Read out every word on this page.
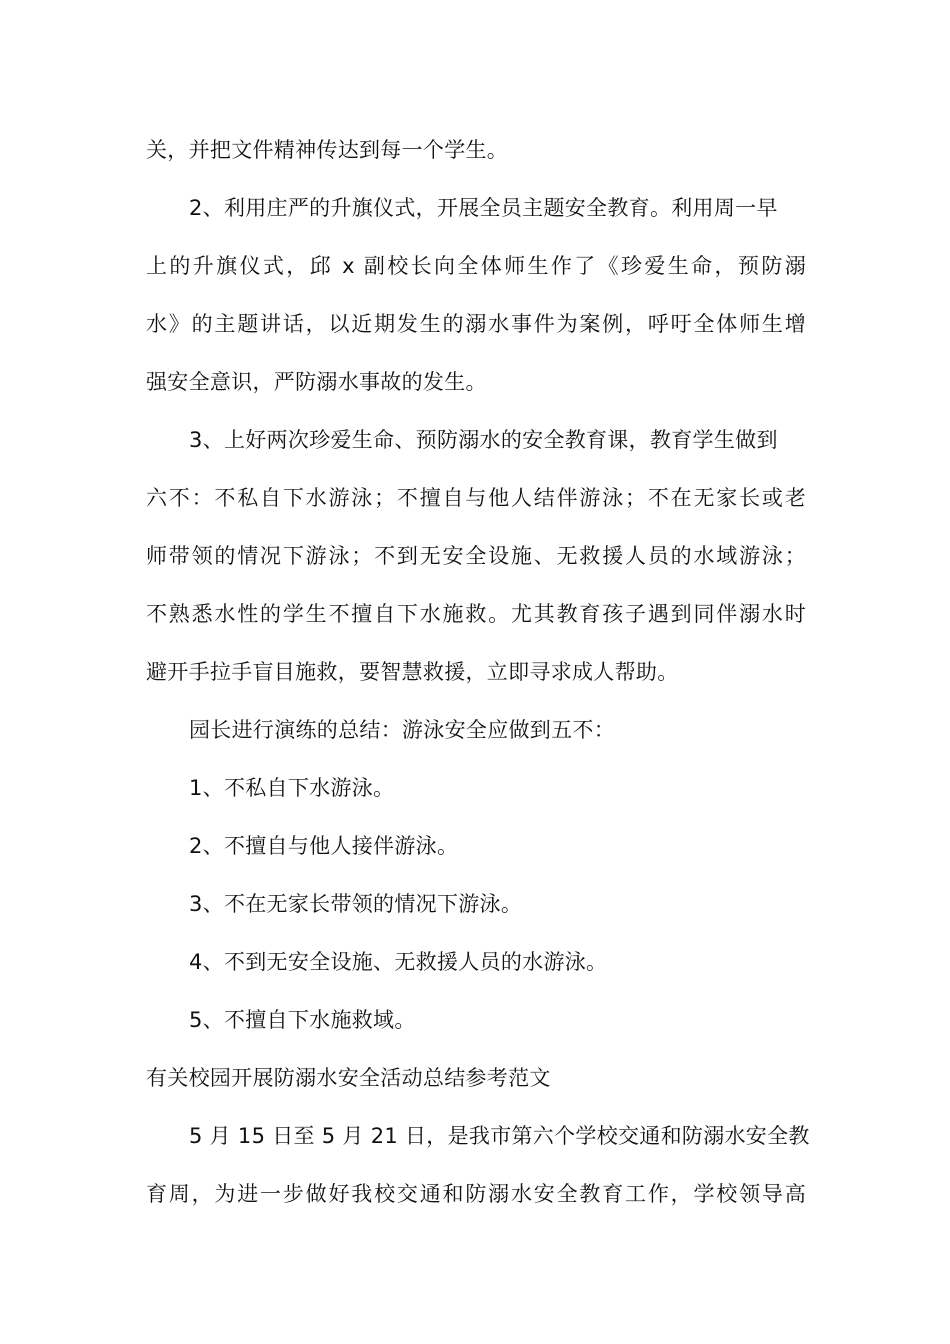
关，并把文件精神传达到每一个学生。
2、利用庄严的升旗仪式，开展全员主题安全教育。利用周一早
上的升旗仪式，邱 x 副校长向全体师生作了《珍爱生命，预防溺
水》的主题讲话，以近期发生的溺水事件为案例，呼吁全体师生增
强安全意识，严防溺水事故的发生。
3、上好两次珍爱生命、预防溺水的安全教育课，教育学生做到
六不：不私自下水游泳；不擅自与他人结伴游泳；不在无家长或老
师带领的情况下游泳；不到无安全设施、无救援人员的水域游泳；
不熟悉水性的学生不擅自下水施救。尤其教育孩子遇到同伴溺水时
避开手拉手盲目施救，要智慧救援，立即寻求成人帮助。
园长进行演练的总结：游泳安全应做到五不：
1、不私自下水游泳。
2、不擅自与他人接伴游泳。
3、不在无家长带领的情况下游泳。
4、不到无安全设施、无救援人员的水游泳。
5、不擅自下水施救域。
有关校园开展防溺水安全活动总结参考范文
5 月 15 日至 5 月 21 日，是我市第六个学校交通和防溺水安全教
育周，为进一步做好我校交通和防溺水安全教育工作，学校领导高
